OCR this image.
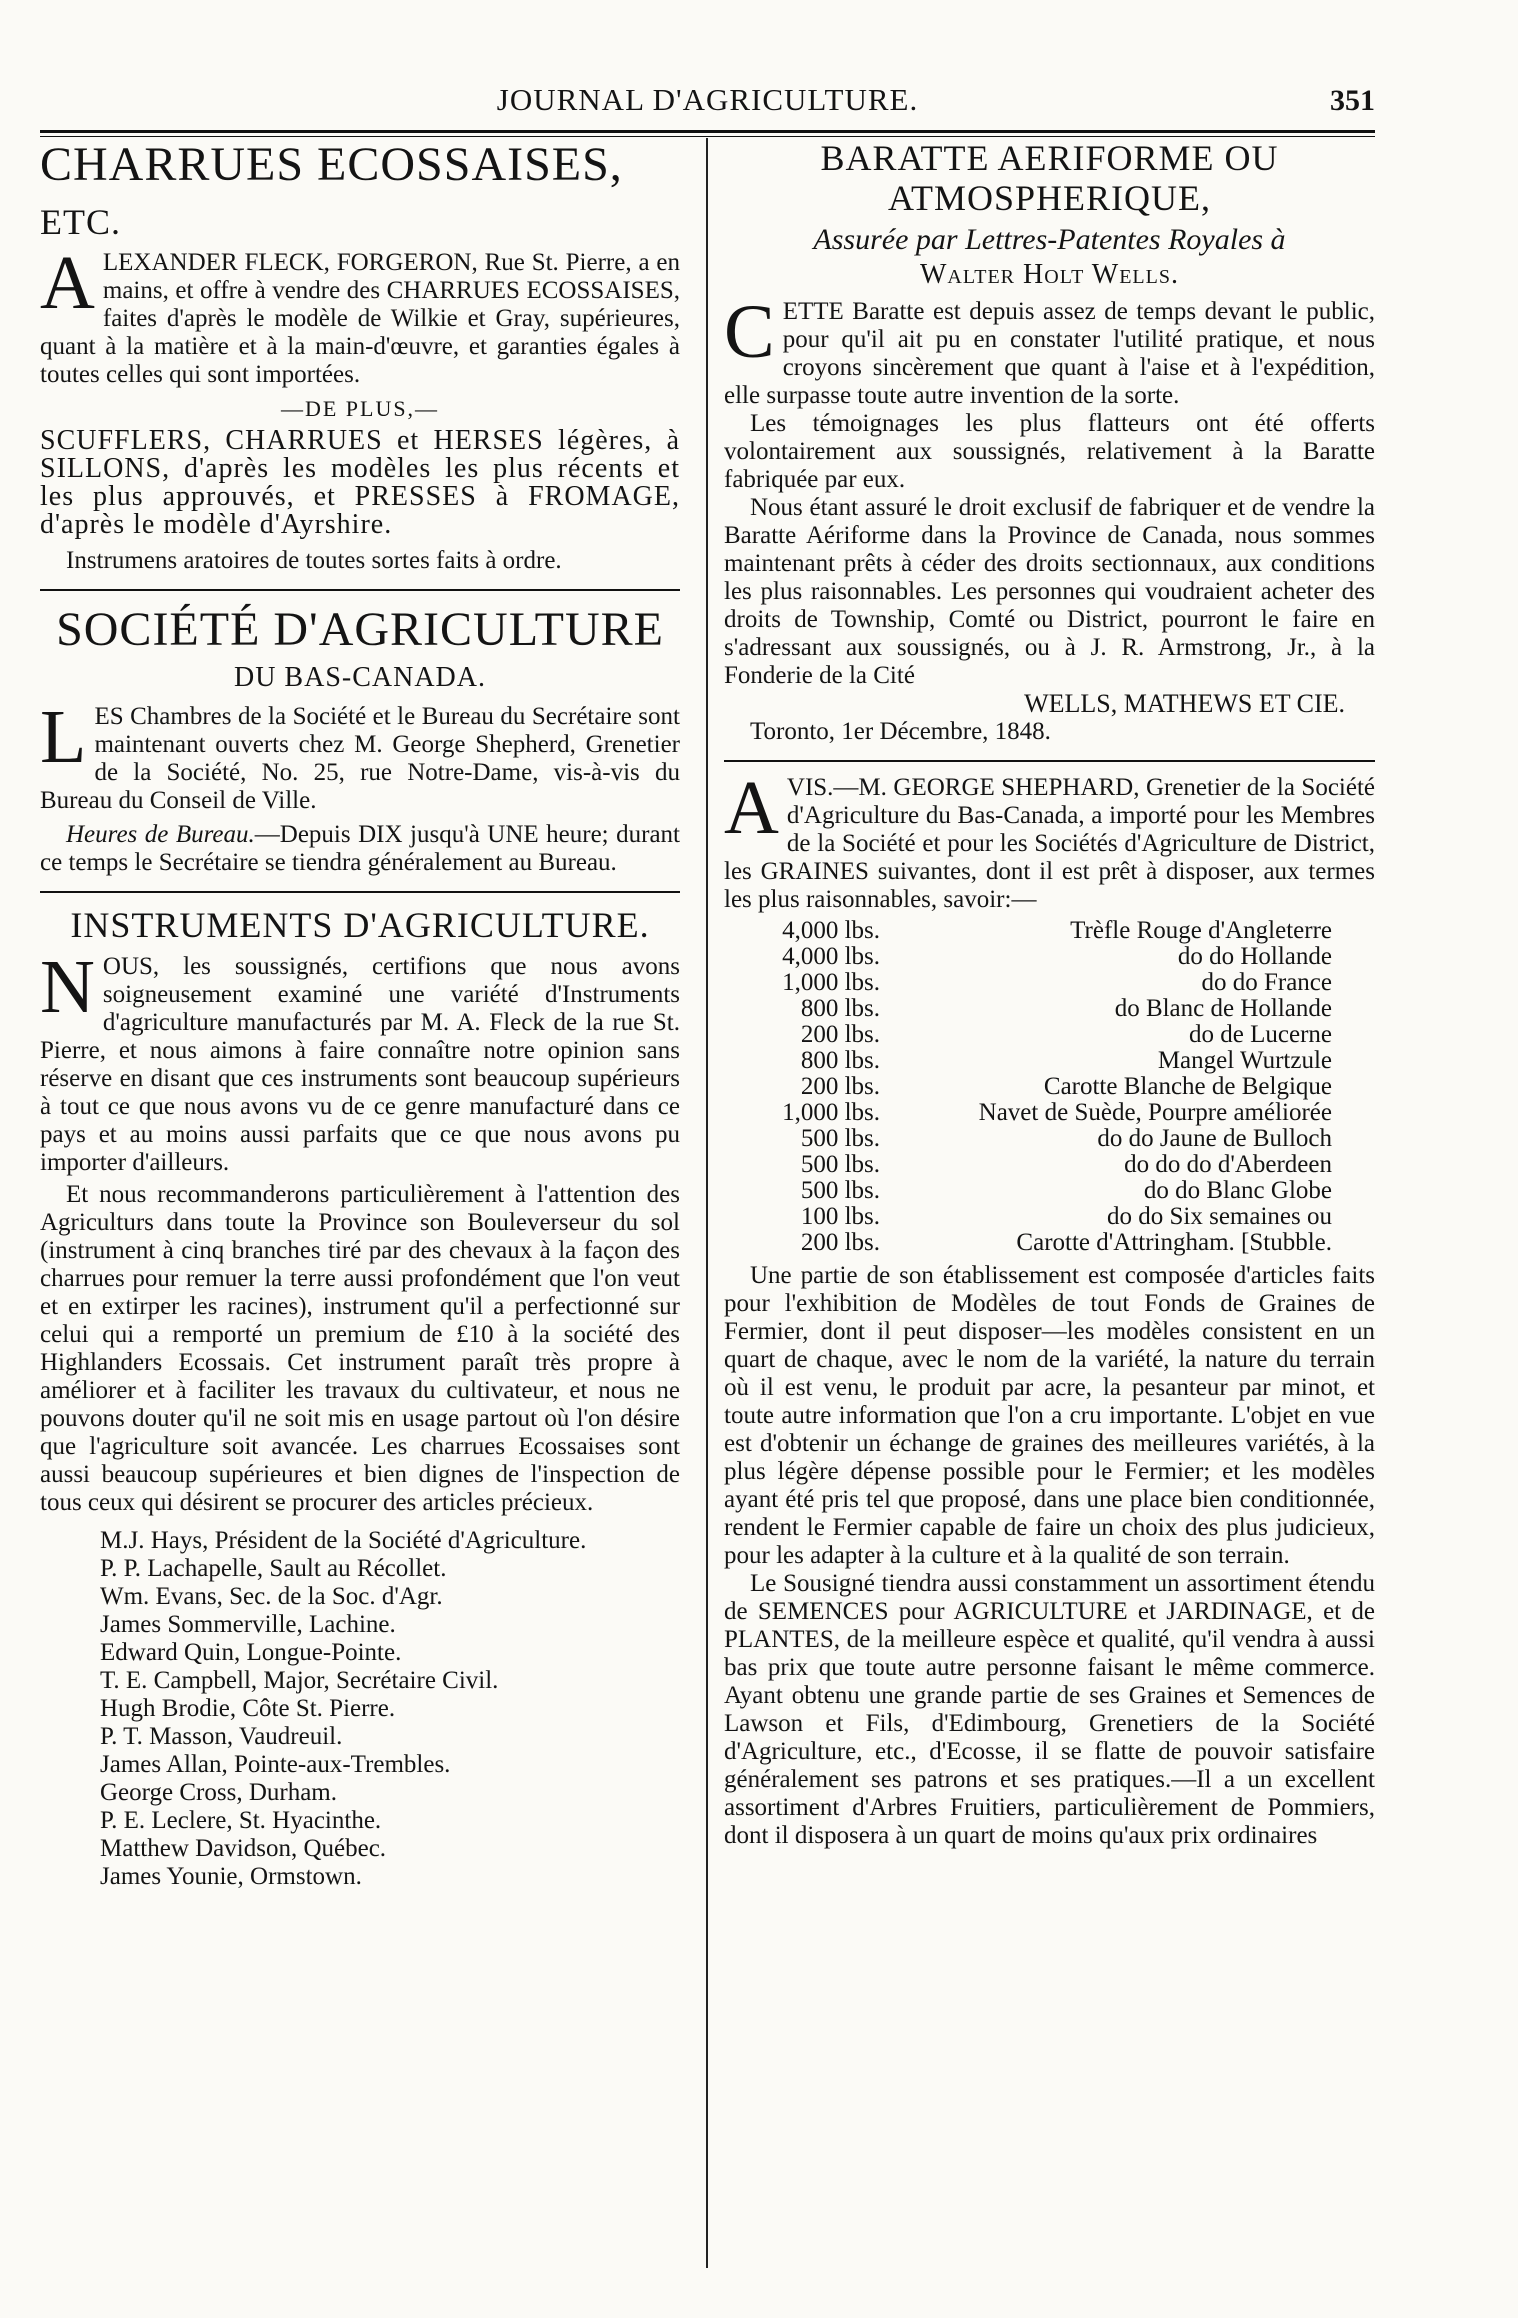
JOURNAL D'AGRICULTURE.	351
CHARRUES ECOSSAISES, ETC.

ALEXANDER FLECK, FORGERON, Rue St. Pierre, a en mains, et offre à vendre des CHARRUES ECOSSAISES, faites d'après le modèle de Wilkie et Gray, supérieures, quant à la matière et à la main-d'œuvre, et garanties égales à toutes celles qui sont importées.

—DE PLUS,—

SCUFFLERS, CHARRUES et HERSES légères, à SILLONS, d'après les modèles les plus récents et les plus approuvés, et PRESSES à FROMAGE, d'après le modèle d'Ayrshire.

Instrumens aratoires de toutes sortes faits à ordre.

SOCIÉTÉ D'AGRICULTURE
DU BAS-CANADA.

LES Chambres de la Société et le Bureau du Secrétaire sont maintenant ouverts chez M. George Shepherd, Grenetier de la Société, No. 25, rue Notre-Dame, vis-à-vis du Bureau du Conseil de Ville.

Heures de Bureau.—Depuis DIX jusqu'à UNE heure; durant ce temps le Secrétaire se tiendra généralement au Bureau.

INSTRUMENTS D'AGRICULTURE.

NOUS, les soussignés, certifions que nous avons soigneusement examiné une variété d'Instruments d'agriculture manufacturés par M. A. Fleck de la rue St. Pierre, et nous aimons à faire connaître notre opinion sans réserve en disant que ces instruments sont beaucoup supérieurs à tout ce que nous avons vu de ce genre manufacturé dans ce pays et au moins aussi parfaits que ce que nous avons pu importer d'ailleurs.

Et nous recommanderons particulièrement à l'attention des Agriculturs dans toute la Province son Bouleverseur du sol (instrument à cinq branches tiré par des chevaux à la façon des charrues pour remuer la terre aussi profondément que l'on veut et en extirper les racines), instrument qu'il a perfectionné sur celui qui a remporté un premium de £10 à la société des Highlanders Ecossais. Cet instrument paraît très propre à améliorer et à faciliter les travaux du cultivateur, et nous ne pouvons douter qu'il ne soit mis en usage partout où l'on désire que l'agriculture soit avancée. Les charrues Ecossaises sont aussi beaucoup supérieures et bien dignes de l'inspection de tous ceux qui désirent se procurer des articles précieux.

M.J. Hays, Président de la Société d'Agriculture.
P. P. Lachapelle, Sault au Récollet.
Wm. Evans, Sec. de la Soc. d'Agr.
James Sommerville, Lachine.
Edward Quin, Longue-Pointe.
T. E. Campbell, Major, Secrétaire Civil.
Hugh Brodie, Côte St. Pierre.
P. T. Masson, Vaudreuil.
James Allan, Pointe-aux-Trembles.
George Cross, Durham.
P. E. Leclere, St. Hyacinthe.
Matthew Davidson, Québec.
James Younie, Ormstown.
BARATTE AERIFORME OU ATMOSPHERIQUE,

Assurée par Lettres-Patentes Royales à

Walter Holt Wells.

CETTE Baratte est depuis assez de temps devant le public, pour qu'il ait pu en constater l'utilité pratique, et nous croyons sincèrement que quant à l'aise et à l'expédition, elle surpasse toute autre invention de la sorte.

Les témoignages les plus flatteurs ont été offerts volontairement aux soussignés, relativement à la Baratte fabriquée par eux.

Nous étant assuré le droit exclusif de fabriquer et de vendre la Baratte Aériforme dans la Province de Canada, nous sommes maintenant prêts à céder des droits sectionnaux, aux conditions les plus raisonnables. Les personnes qui voudraient acheter des droits de Township, Comté ou District, pourront le faire en s'adressant aux soussignés, ou à J. R. Armstrong, Jr., à la Fonderie de la Cité

WELLS, MATHEWS ET CIE.

Toronto, 1er Décembre, 1848.

AVIS.—M. GEORGE SHEPHARD, Grenetier de la Société d'Agriculture du Bas-Canada, a importé pour les Membres de la Société et pour les Sociétés d'Agriculture de District, les GRAINES suivantes, dont il est prêt à disposer, aux termes les plus raisonnables, savoir:—

4,000 lbs.	Trèfle Rouge d'Angleterre
4,000 lbs.	do do Hollande
1,000 lbs.	do do France
800 lbs.	do Blanc de Hollande
200 lbs.	do de Lucerne
800 lbs.	Mangel Wurtzule
200 lbs.	Carotte Blanche de Belgique
1,000 lbs.	Navet de Suède, Pourpre améliorée
500 lbs.	do do Jaune de Bulloch
500 lbs.	do do do d'Aberdeen
500 lbs.	do do Blanc Globe
100 lbs.	do do Six semaines ou
200 lbs.	Carotte d'Attringham. [Stubble.

Une partie de son établissement est composée d'articles faits pour l'exhibition de Modèles de tout Fonds de Graines de Fermier, dont il peut disposer—les modèles consistent en un quart de chaque, avec le nom de la variété, la nature du terrain où il est venu, le produit par acre, la pesanteur par minot, et toute autre information que l'on a cru importante. L'objet en vue est d'obtenir un échange de graines des meilleures variétés, à la plus légère dépense possible pour le Fermier; et les modèles ayant été pris tel que proposé, dans une place bien conditionnée, rendent le Fermier capable de faire un choix des plus judicieux, pour les adapter à la culture et à la qualité de son terrain.

Le Sousigné tiendra aussi constamment un assortiment étendu de SEMENCES pour AGRICULTURE et JARDINAGE, et de PLANTES, de la meilleure espèce et qualité, qu'il vendra à aussi bas prix que toute autre personne faisant le même commerce. Ayant obtenu une grande partie de ses Graines et Semences de Lawson et Fils, d'Edimbourg, Grenetiers de la Société d'Agriculture, etc., d'Ecosse, il se flatte de pouvoir satisfaire généralement ses patrons et ses pratiques.—Il a un excellent assortiment d'Arbres Fruitiers, particulièrement de Pommiers, dont il disposera à un quart de moins qu'aux prix ordinaires
